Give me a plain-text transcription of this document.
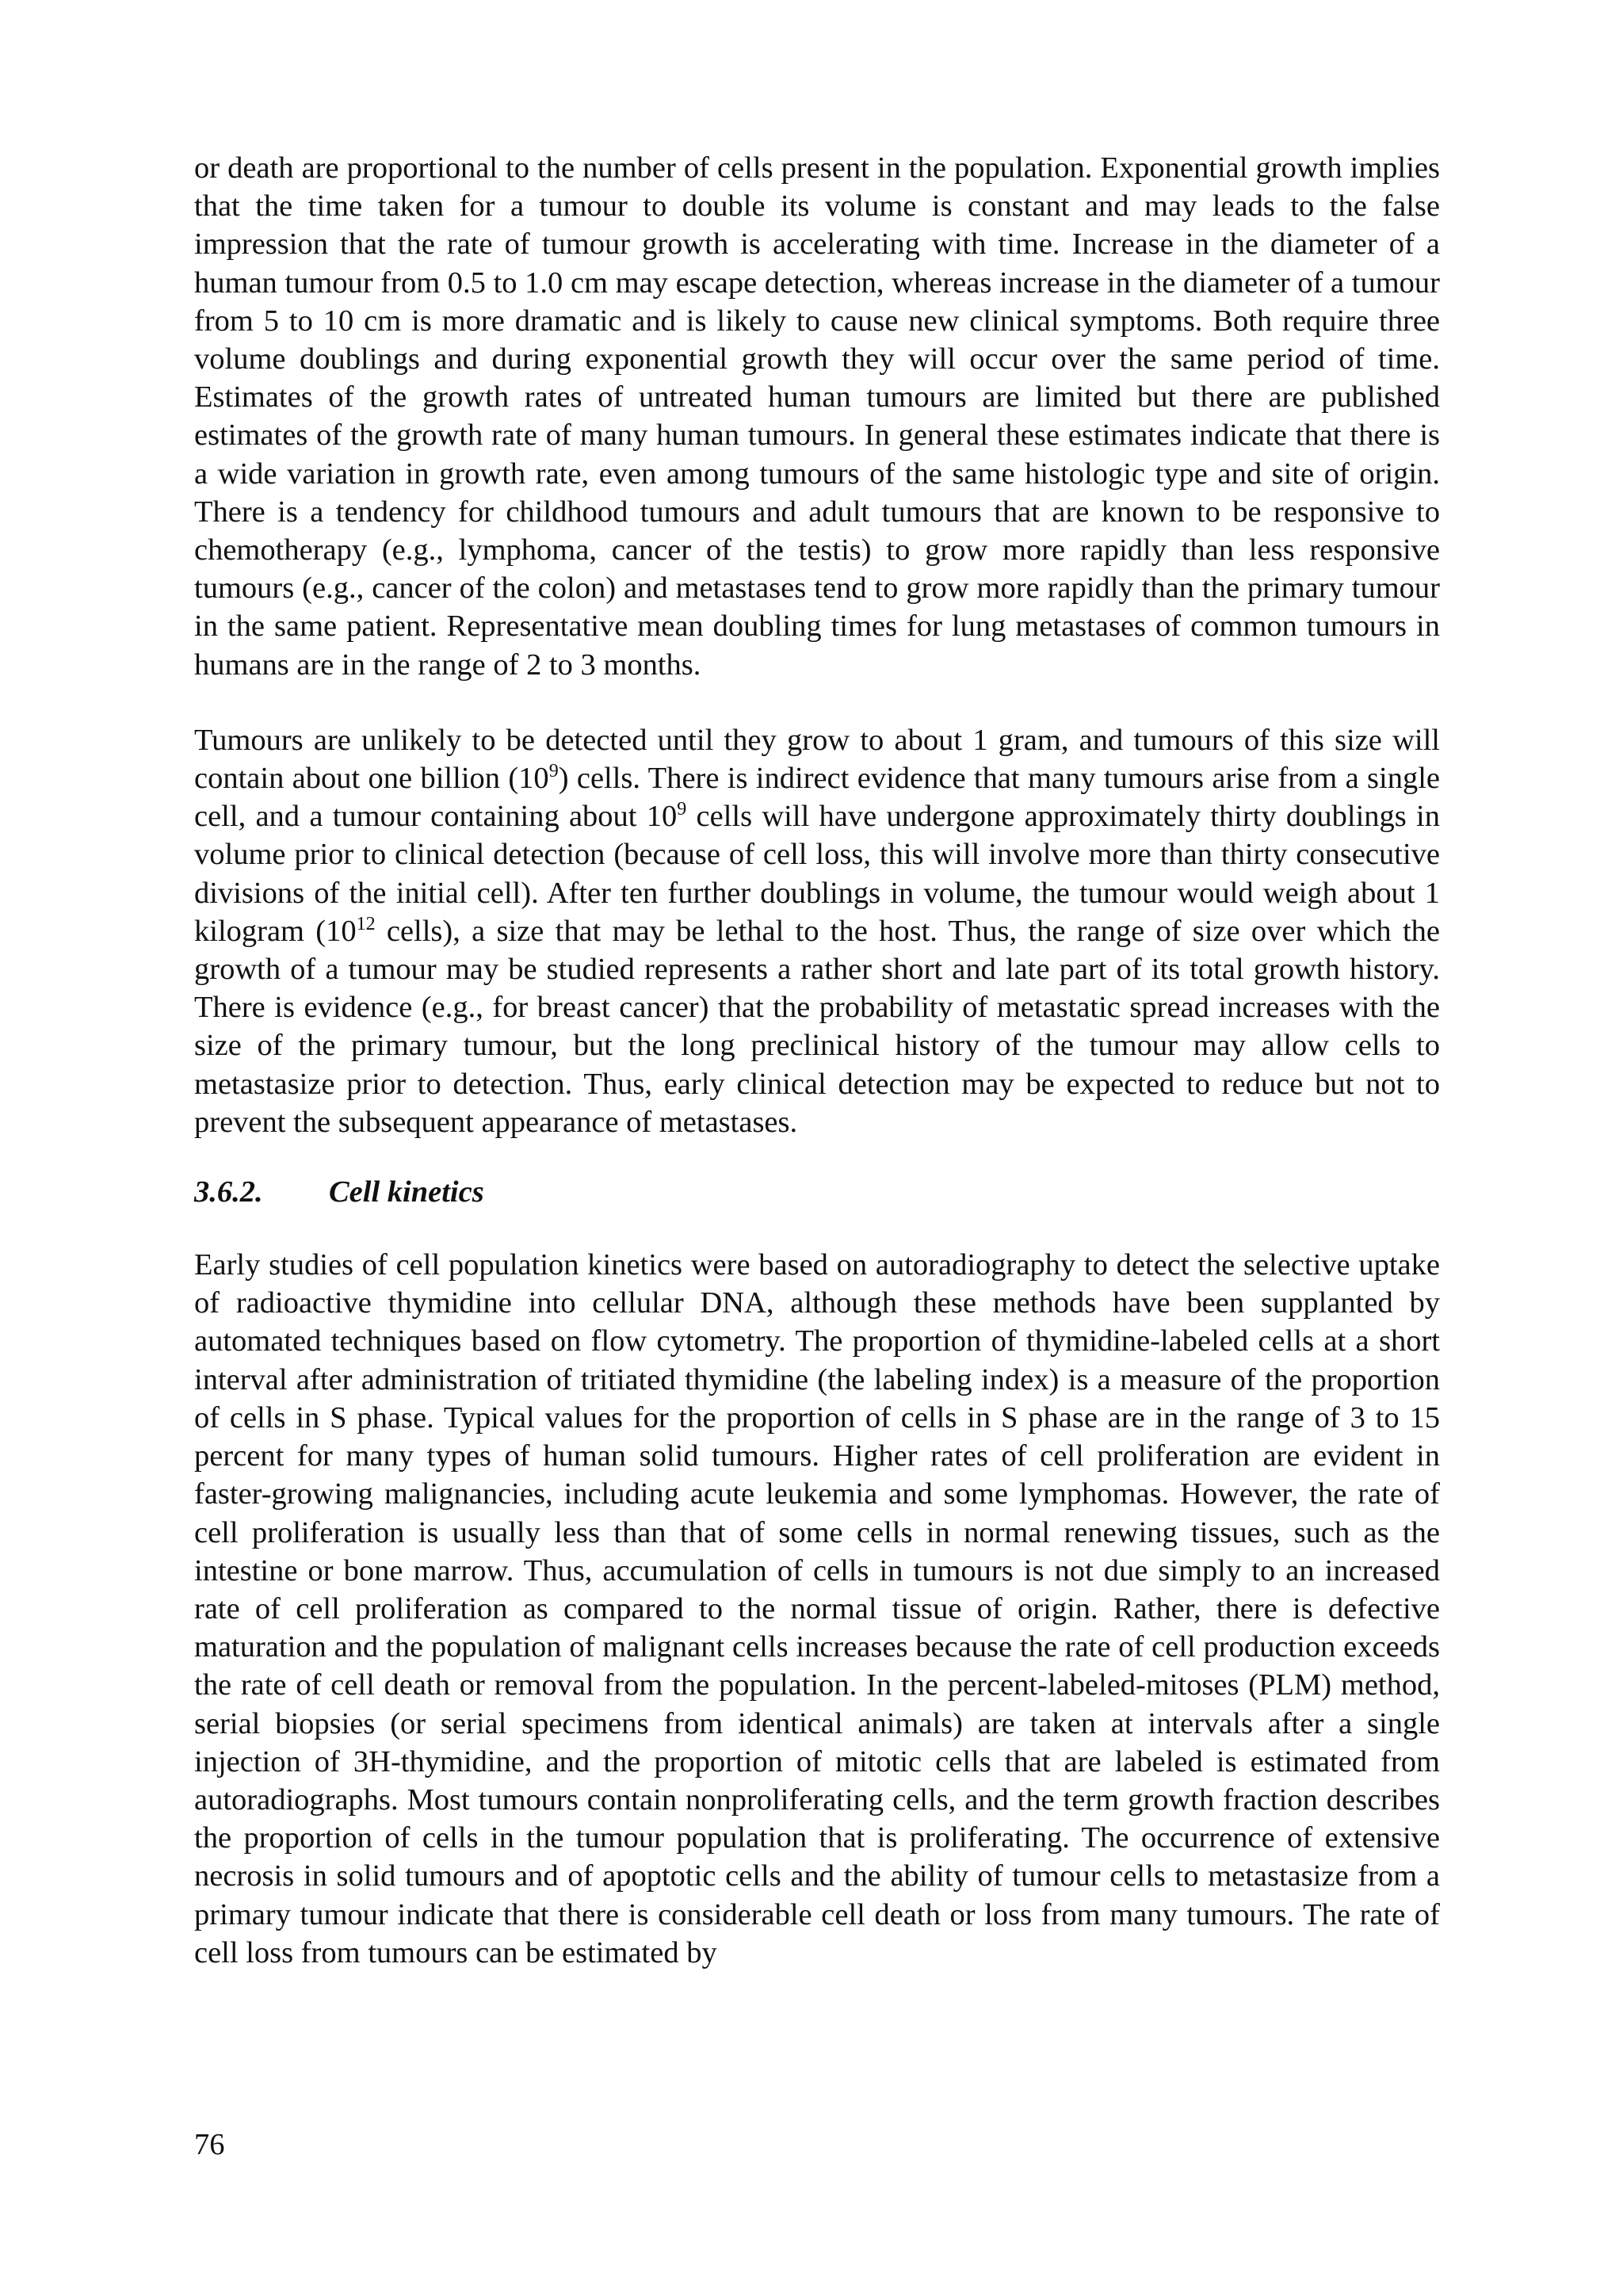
or death are proportional to the number of cells present in the population. Exponential growth implies that the time taken for a tumour to double its volume is constant and may leads to the false impression that the rate of tumour growth is accelerating with time. Increase in the diameter of a human tumour from 0.5 to 1.0 cm may escape detection, whereas increase in the diameter of a tumour from 5 to 10 cm is more dramatic and is likely to cause new clinical symptoms. Both require three volume doublings and during exponential growth they will occur over the same period of time. Estimates of the growth rates of untreated human tumours are limited but there are published estimates of the growth rate of many human tumours. In general these estimates indicate that there is a wide variation in growth rate, even among tumours of the same histologic type and site of origin. There is a tendency for childhood tumours and adult tumours that are known to be responsive to chemotherapy (e.g., lymphoma, cancer of the testis) to grow more rapidly than less responsive tumours (e.g., cancer of the colon) and metastases tend to grow more rapidly than the primary tumour in the same patient. Representative mean doubling times for lung metastases of common tumours in humans are in the range of 2 to 3 months.

Tumours are unlikely to be detected until they grow to about 1 gram, and tumours of this size will contain about one billion $(10^9)$ cells. There is indirect evidence that many tumours arise from a single cell, and a tumour containing about $10^9$ cells will have undergone approximately thirty doublings in volume prior to clinical detection (because of cell loss, this will involve more than thirty consecutive divisions of the initial cell). After ten further doublings in volume, the tumour would weigh about 1 kilogram ($10^{12}$ cells), a size that may be lethal to the host. Thus, the range of size over which the growth of a tumour may be studied represents a rather short and late part of its total growth history. There is evidence (e.g., for breast cancer) that the probability of metastatic spread increases with the size of the primary tumour, but the long preclinical history of the tumour may allow cells to metastasize prior to detection. Thus, early clinical detection may be expected to reduce but not to prevent the subsequent appearance of metastases.

3.6.2. Cell kinetics

Early studies of cell population kinetics were based on autoradiography to detect the selective uptake of radioactive thymidine into cellular DNA, although these methods have been supplanted by automated techniques based on flow cytometry. The proportion of thymidine-labeled cells at a short interval after administration of tritiated thymidine (the labeling index) is a measure of the proportion of cells in S phase. Typical values for the proportion of cells in S phase are in the range of 3 to 15 percent for many types of human solid tumours. Higher rates of cell proliferation are evident in faster-growing malignancies, including acute leukemia and some lymphomas. However, the rate of cell proliferation is usually less than that of some cells in normal renewing tissues, such as the intestine or bone marrow. Thus, accumulation of cells in tumours is not due simply to an increased rate of cell proliferation as compared to the normal tissue of origin. Rather, there is defective maturation and the population of malignant cells increases because the rate of cell production exceeds the rate of cell death or removal from the population. In the percent-labeled-mitoses (PLM) method, serial biopsies (or serial specimens from identical animals) are taken at intervals after a single injection of 3H-thymidine, and the proportion of mitotic cells that are labeled is estimated from autoradiographs. Most tumours contain nonproliferating cells, and the term growth fraction describes the proportion of cells in the tumour population that is proliferating. The occurrence of extensive necrosis in solid tumours and of apoptotic cells and the ability of tumour cells to metastasize from a primary tumour indicate that there is considerable cell death or loss from many tumours. The rate of cell loss from tumours can be estimated by

76
